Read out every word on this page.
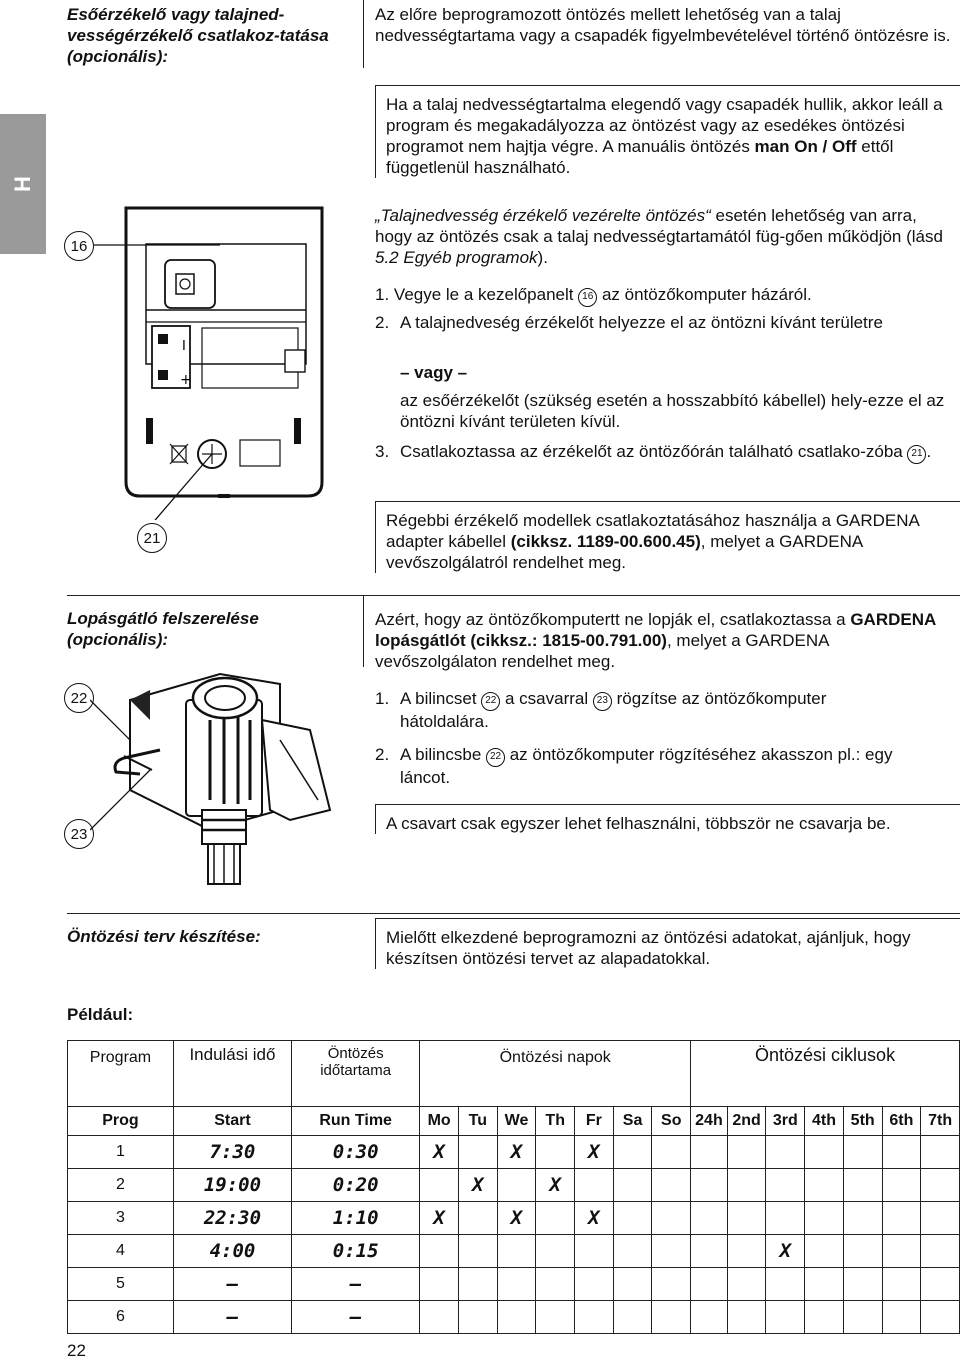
H
Esőérzékelő vagy talajned-vességérzékelő csatlakoz-tatása (opcionális):
Az előre beprogramozott öntözés mellett lehetőség van a talaj nedvességtartama vagy a csapadék figyelmbevételével történő öntözésre is.
Ha a talaj nedvességtartalma elegendő vagy csapadék hullik, akkor leáll a program és megakadályozza az öntözést vagy az esedékes öntözési programot nem hajtja végre. A manuális öntözés man On / Off ettől függetlenül használható.
„Talajnedvesség érzékelő vezérelte öntözés“ esetén lehetőség van arra, hogy az öntözés csak a talaj nedvességtartamától füg-gően működjön (lásd 5.2 Egyéb programok).
1. Vegye le a kezelőpanelt 16 az öntözőkomputer házáról.
2. A talajnedveség érzékelőt helyezze el az öntözni kívánt területre
– vagy –
az esőérzékelőt (szükség esetén a hosszabbító kábellel) hely-ezze el az öntözni kívánt területen kívül.
3. Csatlakoztassa az érzékelőt az öntözőórán található csatlako-zóba 21 .
Régebbi érzékelő modellek csatlakoztatásához használja a GARDENA adapter kábellel (cikksz. 1189-00.600.45), melyet a GARDENA vevőszolgálatról rendelhet meg.
16
21
I
+
Lopásgátló felszerelése (opcionális):
Azért, hogy az öntözőkomputertt ne lopják el, csatlakoztassa a GARDENA lopásgátlót (cikksz.: 1815-00.791.00), melyet a GARDENA vevőszolgálaton rendelhet meg.
1. A bilincset 22 a csavarral 23 rögzítse az öntözőkomputer hátoldalára.
2. A bilincsbe 22 az öntözőkomputer rögzítéséhez akasszon pl.: egy láncot.
A csavart csak egyszer lehet felhasználni, többször ne csavarja be.
22
23
Öntözési terv készítése:	Mielőtt elkezdené beprogramozni az öntözési adatokat, ajánljuk, hogy készítsen öntözési tervet az alapadatokkal.
Például:
Program	Indulási idő	Öntözés időtartama	Öntözési napok							Öntözési ciklusok						
Prog	Start	Run Time	Mo	Tu	We	Th	Fr	Sa	So	24h	2nd	3rd	4th	5th	6th	7th
1	7:30	0:30	X		X		X									
2	19:00	0:20		X		X										
3	22:30	1:10	X		X		X									
4	4:00	0:15										X				
5	–	–														
6	–	–														
22
